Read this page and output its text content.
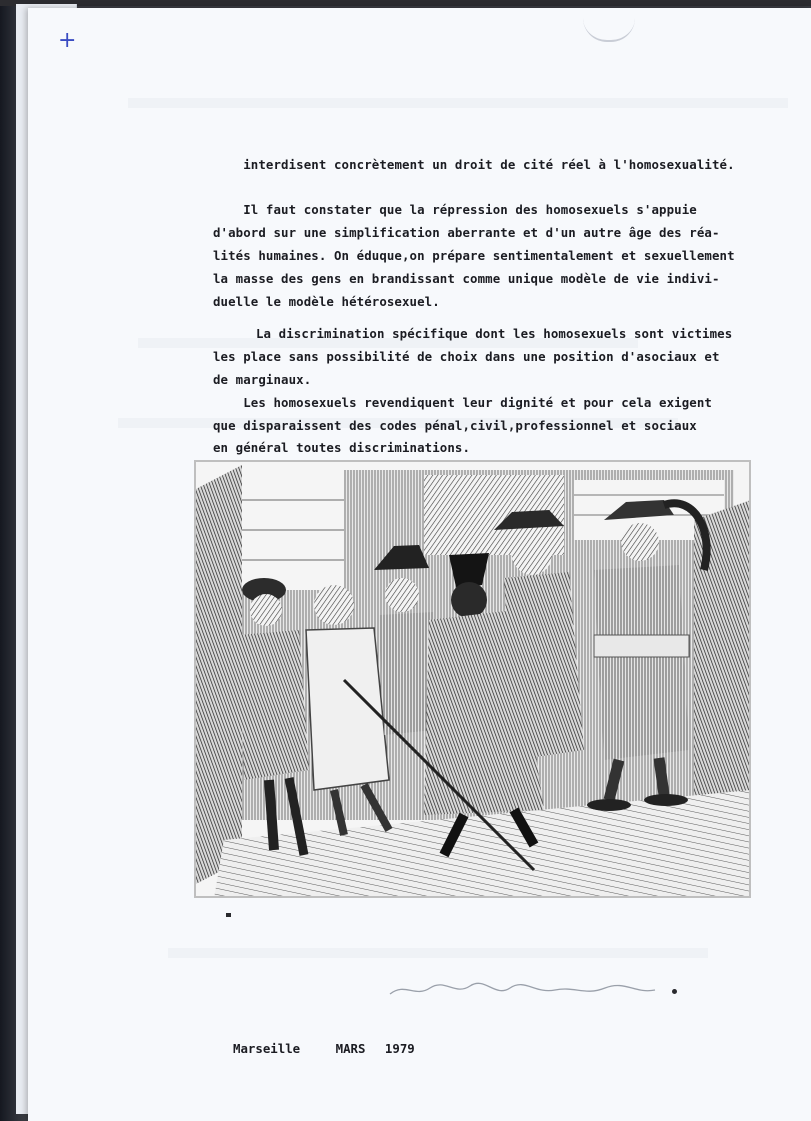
+

interdisent concrètement un droit de cité réel à l'homosexualité.

Il faut constater que la répression des homosexuels s'appuie
d'abord sur une simplification aberrante et d'un autre âge des réa-
lités humaines. On éduque,on prépare sentimentalement et sexuellement
la masse des gens en brandissant comme unique modèle de vie indivi-
duelle le modèle hétérosexuel.

La discrimination spécifique dont les homosexuels sont victimes
les place sans possibilité de choix dans une position d'asociaux et
de marginaux.

Les homosexuels revendiquent leur dignité et pour cela exigent
que disparaissent des codes pénal,civil,professionnel et sociaux
en général toutes discriminations.

Marseille	MARS 1979
